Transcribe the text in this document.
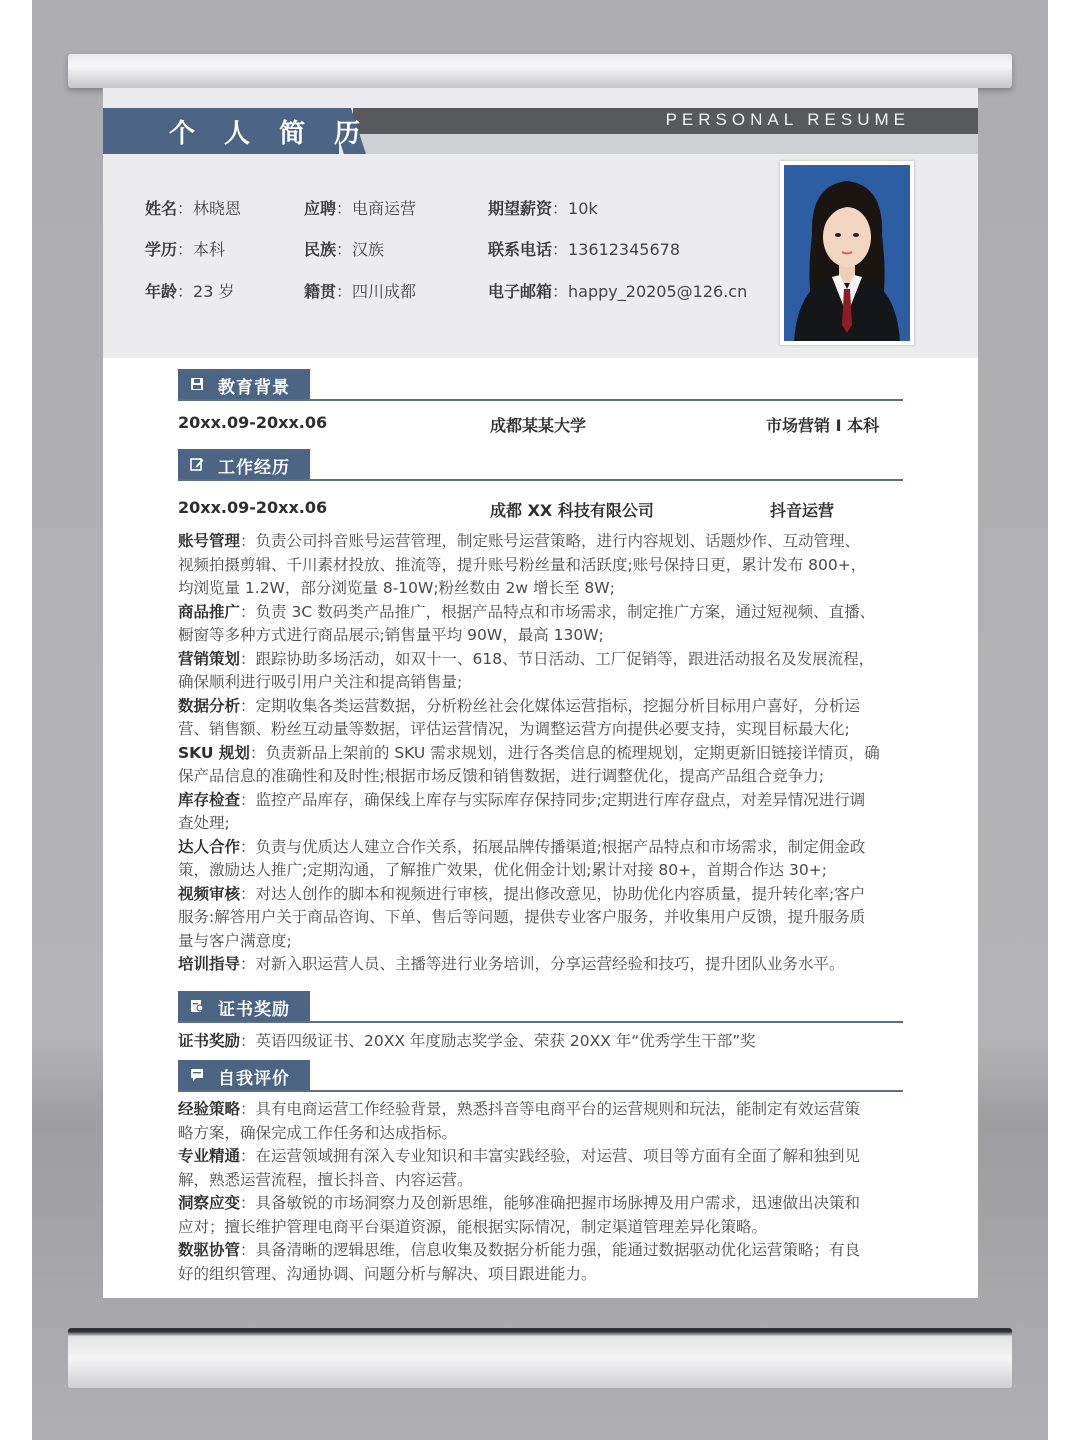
个 人 简 历	PERSONAL RESUME
姓名：林晓恩	应聘：电商运营	期望薪资：10k
学历：本科	民族：汉族	联系电话：13612345678
年龄：23 岁	籍贯：四川成都	电子邮箱：happy_20205@126.cn
教育背景
20xx.09-20xx.06	成都某某大学	市场营销 Ι 本科
工作经历
20xx.09-20xx.06	成都 XX 科技有限公司	抖音运营
账号管理：负责公司抖音账号运营管理，制定账号运营策略，进行内容规划、话题炒作、互动管理、
视频拍摄剪辑、千川素材投放、推流等，提升账号粉丝量和活跃度;账号保持日更，累计发布 800+，
均浏览量 1.2W，部分浏览量 8-10W;粉丝数由 2w 增长至 8W;
商品推广：负责 3C 数码类产品推广，根据产品特点和市场需求，制定推广方案，通过短视频、直播、
橱窗等多种方式进行商品展示;销售量平均 90W，最高 130W;
营销策划：跟踪协助多场活动，如双十一、618、节日活动、工厂促销等，跟进活动报名及发展流程，
确保顺利进行吸引用户关注和提高销售量;
数据分析：定期收集各类运营数据，分析粉丝社会化媒体运营指标，挖掘分析目标用户喜好，分析运
营、销售额、粉丝互动量等数据，评估运营情况，为调整运营方向提供必要支持，实现目标最大化;
SKU 规划：负责新品上架前的 SKU 需求规划，进行各类信息的梳理规划，定期更新旧链接详情页，确
保产品信息的准确性和及时性;根据市场反馈和销售数据，进行调整优化，提高产品组合竞争力;
库存检查：监控产品库存，确保线上库存与实际库存保持同步;定期进行库存盘点，对差异情况进行调
查处理;
达人合作：负责与优质达人建立合作关系，拓展品牌传播渠道;根据产品特点和市场需求，制定佣金政
策，激励达人推广;定期沟通，了解推广效果，优化佣金计划;累计对接 80+，首期合作达 30+;
视频审核：对达人创作的脚本和视频进行审核，提出修改意见，协助优化内容质量，提升转化率;客户
服务:解答用户关于商品咨询、下单、售后等问题，提供专业客户服务，并收集用户反馈，提升服务质
量与客户满意度;
培训指导：对新入职运营人员、主播等进行业务培训，分享运营经验和技巧，提升团队业务水平。
证书奖励
证书奖励：英语四级证书、20XX 年度励志奖学金、荣获 20XX 年“优秀学生干部”奖
自我评价
经验策略：具有电商运营工作经验背景，熟悉抖音等电商平台的运营规则和玩法，能制定有效运营策
略方案，确保完成工作任务和达成指标。
专业精通：在运营领域拥有深入专业知识和丰富实践经验，对运营、项目等方面有全面了解和独到见
解，熟悉运营流程，擅长抖音、内容运营。
洞察应变：具备敏锐的市场洞察力及创新思维，能够准确把握市场脉搏及用户需求，迅速做出决策和
应对；擅长维护管理电商平台渠道资源，能根据实际情况，制定渠道管理差异化策略。
数驱协管：具备清晰的逻辑思维，信息收集及数据分析能力强，能通过数据驱动优化运营策略；有良
好的组织管理、沟通协调、问题分析与解决、项目跟进能力。
